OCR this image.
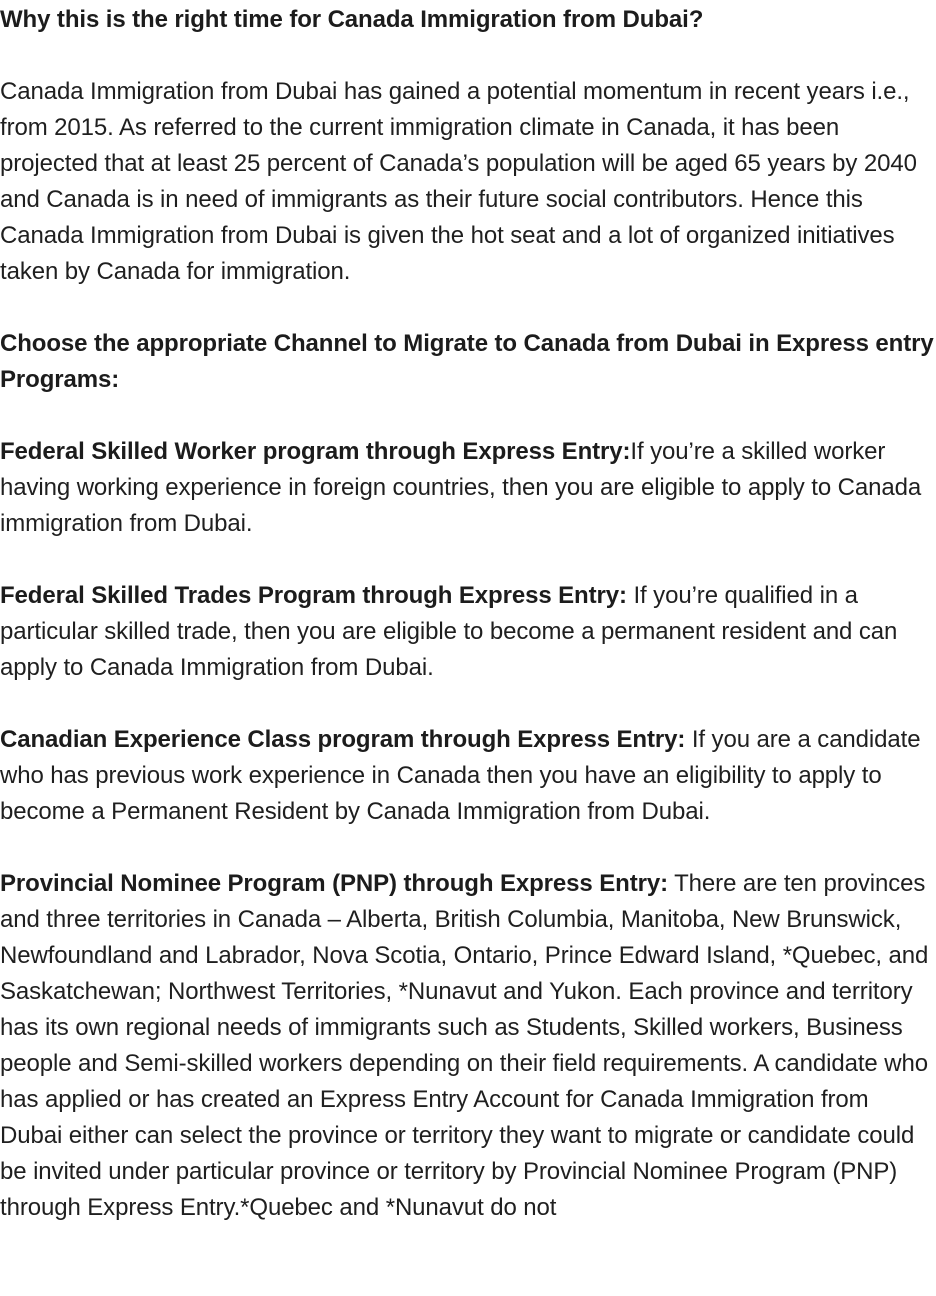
Why this is the right time for Canada Immigration from Dubai?

Canada Immigration from Dubai has gained a potential momentum in recent years i.e., from 2015. As referred to the current immigration climate in Canada, it has been projected that at least 25 percent of Canada’s population will be aged 65 years by 2040 and Canada is in need of immigrants as their future social contributors. Hence this Canada Immigration from Dubai is given the hot seat and a lot of organized initiatives taken by Canada for immigration.

Choose the appropriate Channel to Migrate to Canada from Dubai in Express entry Programs:

Federal Skilled Worker program through Express Entry:If you’re a skilled worker having working experience in foreign countries, then you are eligible to apply to Canada immigration from Dubai.

Federal Skilled Trades Program through Express Entry: If you’re qualified in a particular skilled trade, then you are eligible to become a permanent resident and can apply to Canada Immigration from Dubai.

Canadian Experience Class program through Express Entry: If you are a candidate who has previous work experience in Canada then you have an eligibility to apply to become a Permanent Resident by Canada Immigration from Dubai.

Provincial Nominee Program (PNP) through Express Entry: There are ten provinces and three territories in Canada – Alberta, British Columbia, Manitoba, New Brunswick, Newfoundland and Labrador, Nova Scotia, Ontario, Prince Edward Island, *Quebec, and Saskatchewan; Northwest Territories, *Nunavut and Yukon. Each province and territory has its own regional needs of immigrants such as Students, Skilled workers, Business people and Semi-skilled workers depending on their field requirements. A candidate who has applied or has created an Express Entry Account for Canada Immigration from Dubai either can select the province or territory they want to migrate or candidate could be invited under particular province or territory by Provincial Nominee Program (PNP) through Express Entry.*Quebec and *Nunavut do not
